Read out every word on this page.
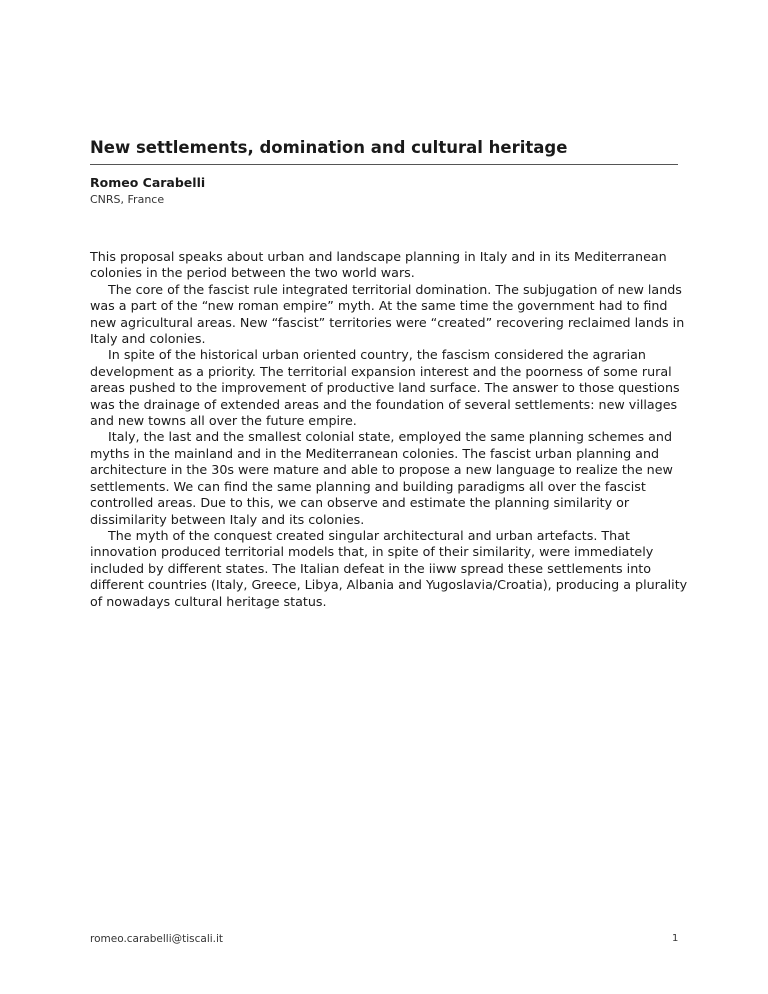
New settlements, domination and cultural heritage
Romeo Carabelli
CNRS, France

This proposal speaks about urban and landscape planning in Italy and in its Mediterranean colonies in the period between the two world wars.

The core of the fascist rule integrated territorial domination. The subjugation of new lands was a part of the “new roman empire” myth. At the same time the government had to find new agricultural areas. New “fascist” territories were “created” recovering reclaimed lands in Italy and colonies.

In spite of the historical urban oriented country, the fascism considered the agrarian development as a priority. The territorial expansion interest and the poorness of some rural areas pushed to the improvement of productive land surface. The answer to those questions was the drainage of extended areas and the foundation of several settlements: new villages and new towns all over the future empire.

Italy, the last and the smallest colonial state, employed the same planning schemes and myths in the mainland and in the Mediterranean colonies. The fascist urban planning and architecture in the 30s were mature and able to propose a new language to realize the new settlements. We can find the same planning and building paradigms all over the fascist controlled areas. Due to this, we can observe and estimate the planning similarity or dissimilarity between Italy and its colonies.

The myth of the conquest created singular architectural and urban artefacts. That innovation produced territorial models that, in spite of their similarity, were immediately included by different states. The Italian defeat in the iiww spread these settlements into different countries (Italy, Greece, Libya, Albania and Yugoslavia/Croatia), producing a plurality of nowadays cultural heritage status.

romeo.carabelli@tiscali.it	1
